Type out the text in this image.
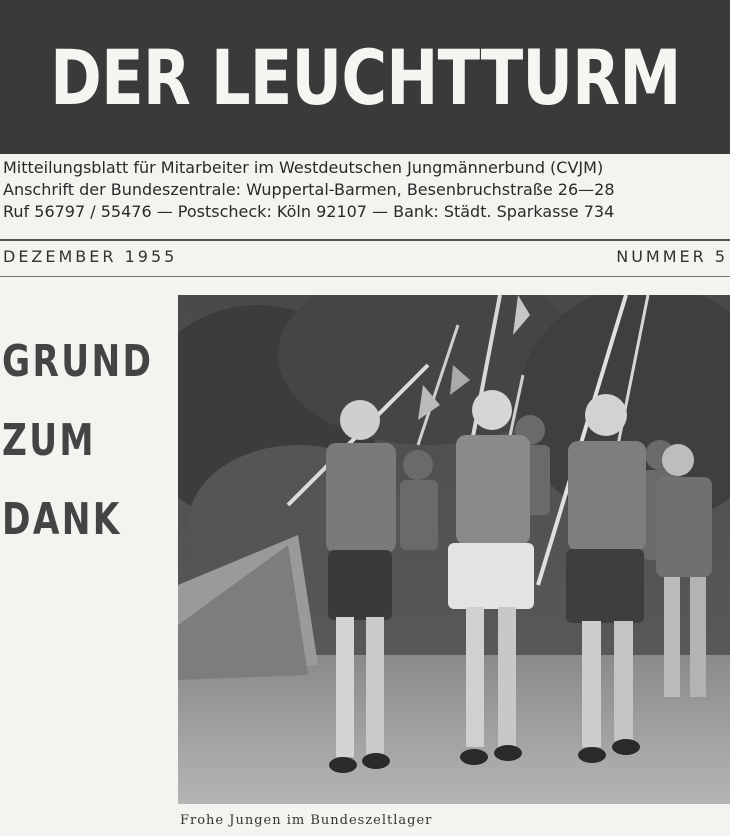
DER LEUCHTTURM
Mitteilungsblatt für Mitarbeiter im Westdeutschen Jungmännerbund (CVJM)
Anschrift der Bundeszentrale: Wuppertal-Barmen, Besenbruchstraße 26—28
Ruf 56797 / 55476 — Postscheck: Köln 92107 — Bank: Städt. Sparkasse 734
DEZEMBER 1955	NUMMER 5
GRUND
ZUM
DANK
Frohe Jungen im Bundeszeltlager
